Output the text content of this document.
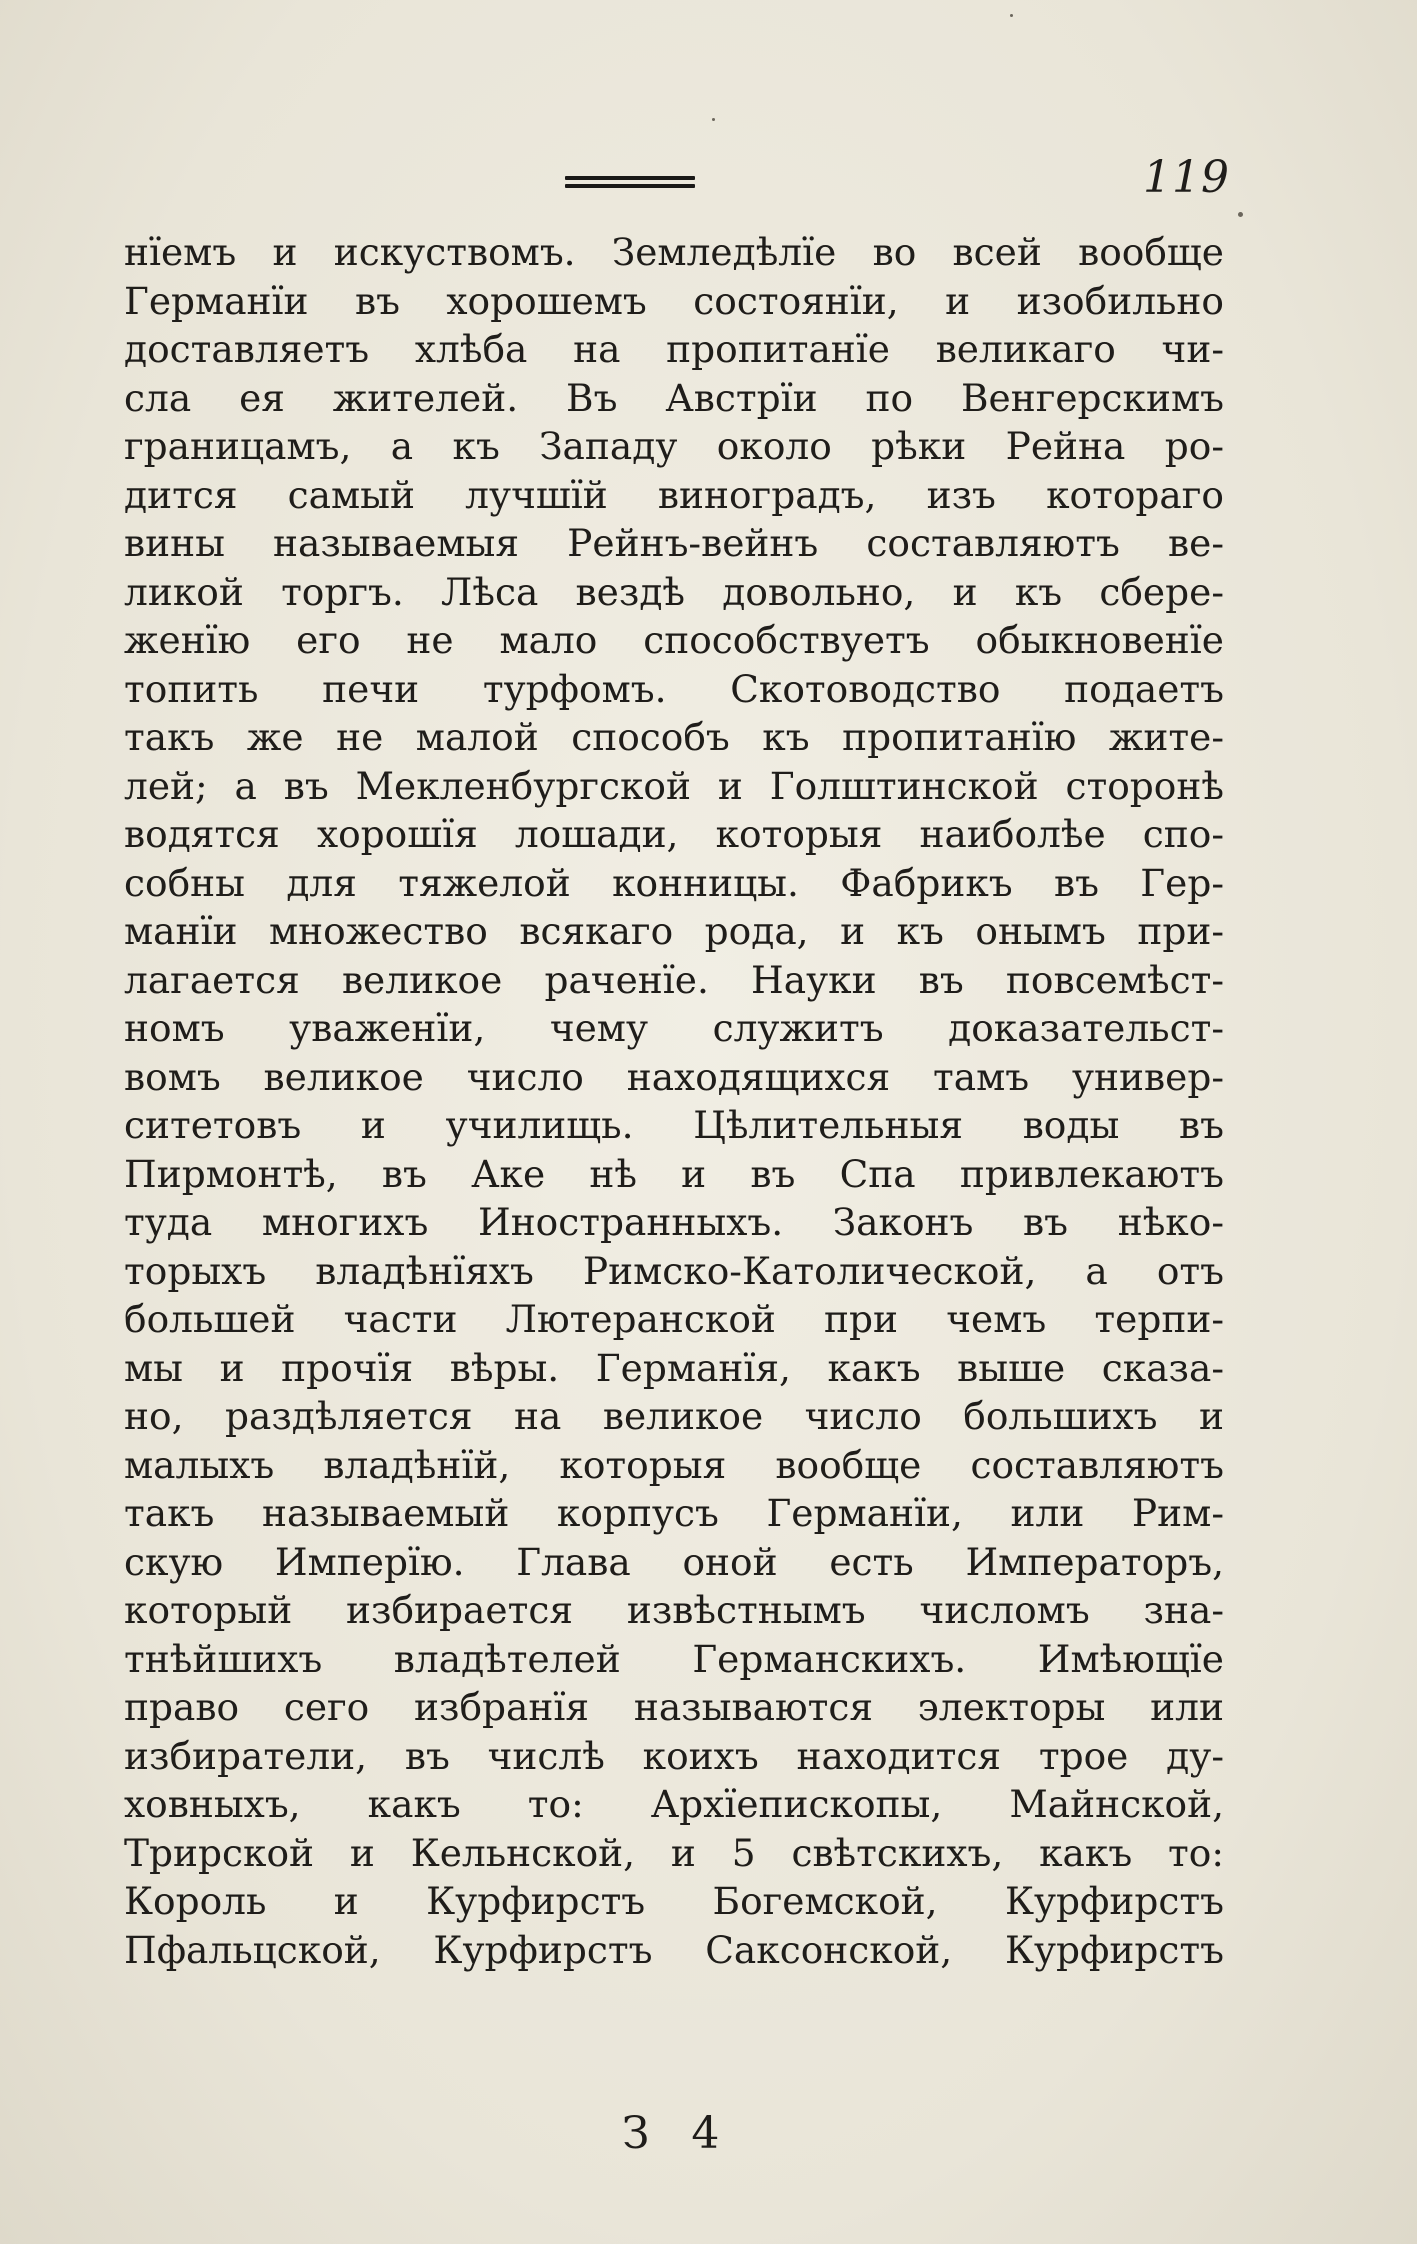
119
нїемъ и искуствомъ. Земледѣлїе во всей вообще
Германїи въ хорошемъ состоянїи, и изобильно
доставляетъ хлѣба на пропитанїе великаго чи-
сла ея жителей. Въ Австрїи по Венгерскимъ
границамъ, а къ Западу около рѣки Рейна ро-
дится самый лучшїй виноградъ, изъ котораго
вины называемыя Рейнъ-вейнъ составляютъ ве-
ликой торгъ. Лѣса вездѣ довольно, и къ сбере-
женїю его не мало способствуетъ обыкновенїе
топить печи турфомъ. Скотоводство подаетъ
такъ же не малой способъ къ пропитанїю жите-
лей; а въ Мекленбургской и Голштинской сторонѣ
водятся хорошїя лошади, которыя наиболѣе спо-
собны для тяжелой конницы. Фабрикъ въ Гер-
манїи множество всякаго рода, и къ онымъ при-
лагается великое раченїе. Науки въ повсемѣст-
номъ уваженїи, чему служитъ доказательст-
вомъ великое число находящихся тамъ универ-
ситетовъ и училищь. Цѣлительныя воды въ
Пирмонтѣ, въ Аке нѣ и въ Спа привлекаютъ
туда многихъ Иностранныхъ. Законъ въ нѣко-
торыхъ владѣнїяхъ Римско-Католической, а отъ
большей части Лютеранской при чемъ терпи-
мы и прочїя вѣры. Германїя, какъ выше сказа-
но, раздѣляется на великое число большихъ и
малыхъ владѣнїй, которыя вообще составляютъ
такъ называемый корпусъ Германїи, или Рим-
скую Имперїю. Глава оной есть Императоръ,
который избирается извѣстнымъ числомъ зна-
тнѣйшихъ владѣтелей Германскихъ. Имѣющїе
право сего избранїя называются электоры или
избиратели, въ числѣ коихъ находится трое ду-
ховныхъ, какъ то: Архїепископы, Майнской,
Трирской и Кельнской, и 5 свѣтскихъ, какъ то:
Король и Курфирстъ Богемской, Курфирстъ
Пфальцской, Курфирстъ Саксонской, Курфирстъ
З 4
